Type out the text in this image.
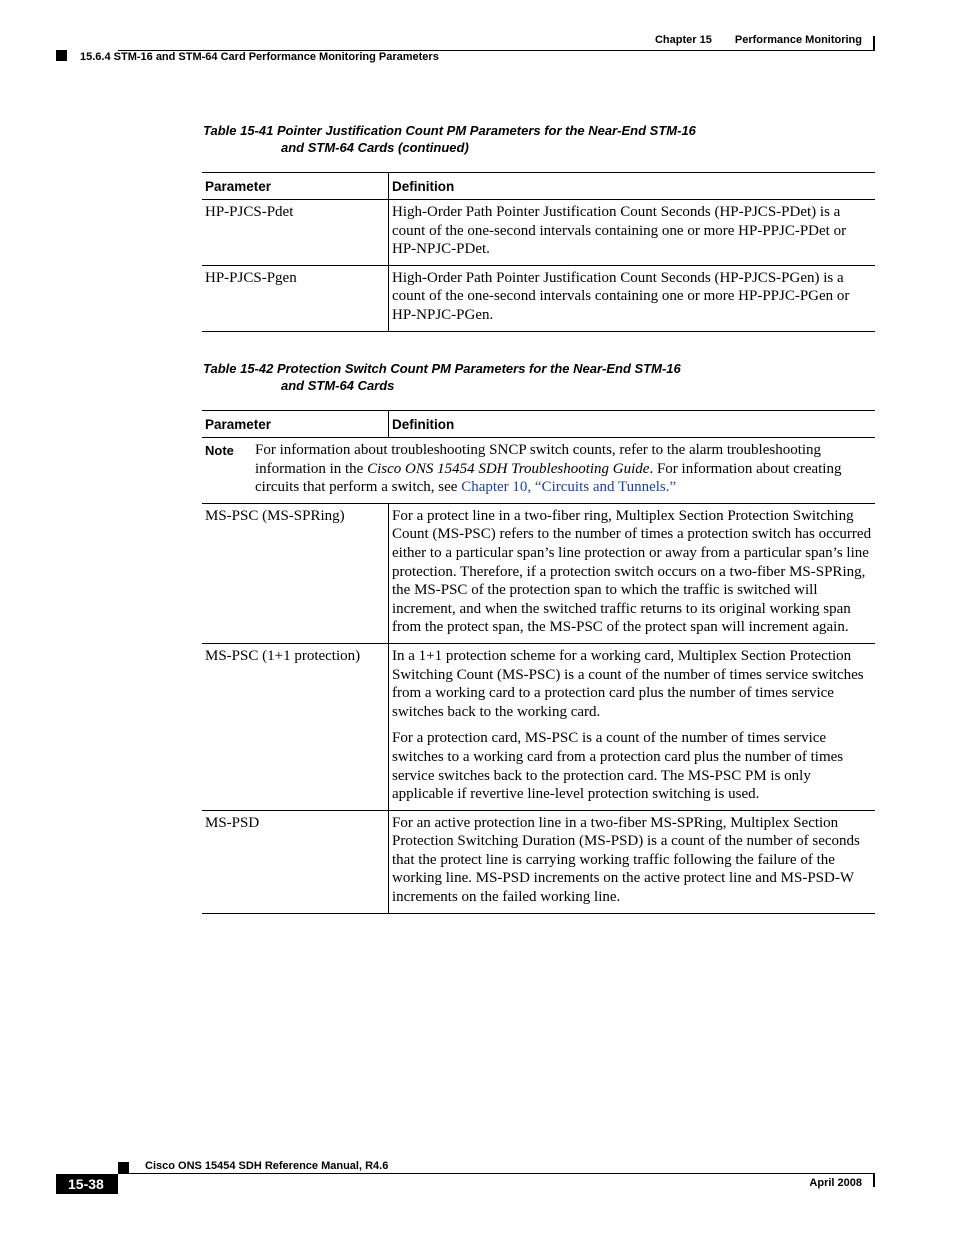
Chapter 15 Performance Monitoring
15.6.4 STM-16 and STM-64 Card Performance Monitoring Parameters
Table 15-41 Pointer Justification Count PM Parameters for the Near-End STM-16
and STM-64 Cards (continued)
Parameter	Definition
HP-PJCS-Pdet	High-Order Path Pointer Justification Count Seconds (HP-PJCS-PDet) is a count of the one-second intervals containing one or more HP-PPJC-PDet or HP-NPJC-PDet.
HP-PJCS-Pgen	High-Order Path Pointer Justification Count Seconds (HP-PJCS-PGen) is a count of the one-second intervals containing one or more HP-PPJC-PGen or HP-NPJC-PGen.
Table 15-42 Protection Switch Count PM Parameters for the Near-End STM-16
and STM-64 Cards
Parameter	Definition

Note For information about troubleshooting SNCP switch counts, refer to the alarm troubleshooting information in the Cisco ONS 15454 SDH Troubleshooting Guide. For information about creating circuits that perform a switch, see Chapter 10, “Circuits and Tunnels.”	

MS-PSC (MS-SPRing)	For a protect line in a two-fiber ring, Multiplex Section Protection Switching Count (MS-PSC) refers to the number of times a protection switch has occurred either to a particular span’s line protection or away from a particular span’s line protection. Therefore, if a protection switch occurs on a two-fiber MS-SPRing, the MS-PSC of the protection span to which the traffic is switched will increment, and when the switched traffic returns to its original working span from the protect span, the MS-PSC of the protect span will increment again.

MS-PSC (1+1 protection)	In a 1+1 protection scheme for a working card, Multiplex Section Protection Switching Count (MS-PSC) is a count of the number of times service switches from a working card to a protection card plus the number of times service switches back to the working card.

For a protection card, MS-PSC is a count of the number of times service switches to a working card from a protection card plus the number of times service switches back to the protection card. The MS-PSC PM is only applicable if revertive line-level protection switching is used.

MS-PSD	For an active protection line in a two-fiber MS-SPRing, Multiplex Section Protection Switching Duration (MS-PSD) is a count of the number of seconds that the protect line is carrying working traffic following the failure of the working line. MS-PSD increments on the active protect line and MS-PSD-W increments on the failed working line.

Cisco ONS 15454 SDH Reference Manual, R4.6
15-38	April 2008
